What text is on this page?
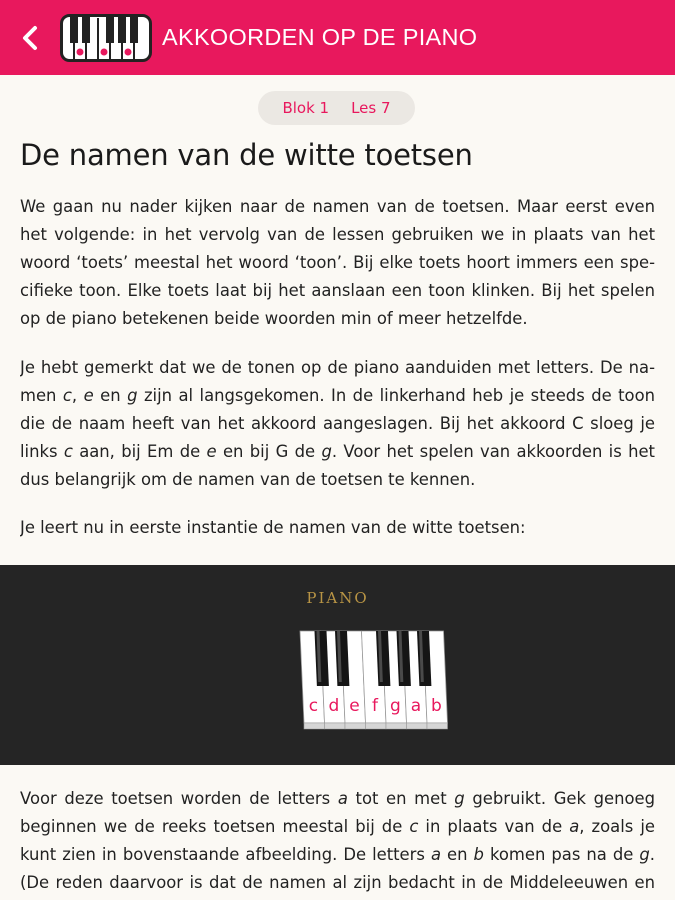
AKKOORDEN OP DE PIANO
Blok 1 Les 7
De namen van de witte toetsen
We gaan nu nader kijken naar de namen van de toetsen. Maar eerst even
het volgende: in het vervolg van de lessen gebruiken we in plaats van het
woord ‘toets’ meestal het woord ‘toon’. Bij elke toets hoort immers een spe-
cifieke toon. Elke toets laat bij het aanslaan een toon klinken. Bij het spelen
op de piano betekenen beide woorden min of meer hetzelfde.
Je hebt gemerkt dat we de tonen op de piano aanduiden met letters. De na-
men c, e en g zijn al langsgekomen. In de linkerhand heb je steeds de toon
die de naam heeft van het akkoord aangeslagen. Bij het akkoord C sloeg je
links c aan, bij Em de e en bij G de g. Voor het spelen van akkoorden is het
dus belangrijk om de namen van de toetsen te kennen.
Je leert nu in eerste instantie de namen van de witte toetsen:
PIANO
c d e f g a b
Voor deze toetsen worden de letters a tot en met g gebruikt. Gek genoeg
beginnen we de reeks toetsen meestal bij de c in plaats van de a, zoals je
kunt zien in bovenstaande afbeelding. De letters a en b komen pas na de g.
(De reden daarvoor is dat de namen al zijn bedacht in de Middeleeuwen en
